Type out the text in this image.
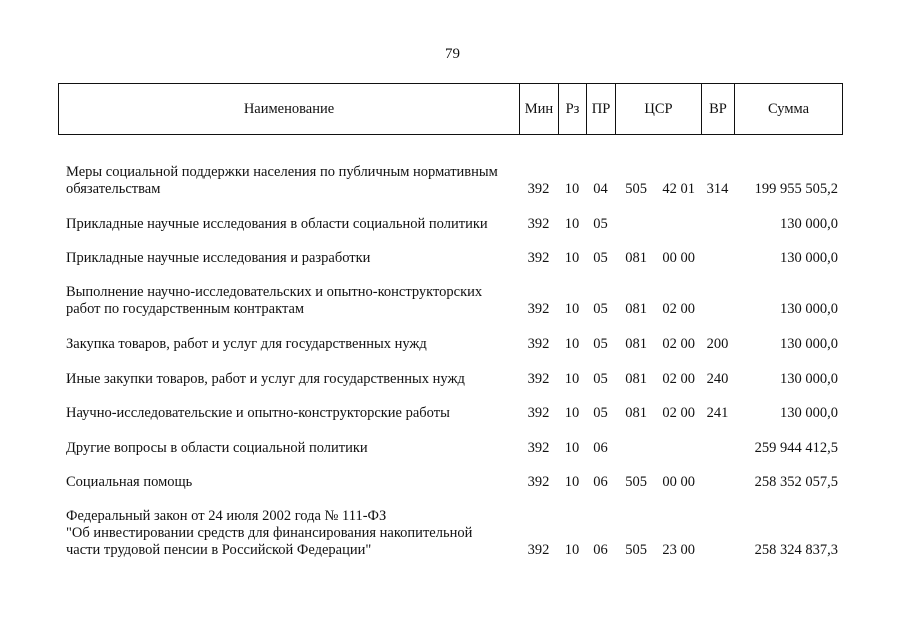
79
Наименование	Мин	Рз	ПР	ЦСР	ВР	Сумма
Меры социальной поддержки населения по публичным нормативным
обязательствам	392	10	04	505 42 01	314	199 955 505,2
Прикладные научные исследования в области социальной политики	392	10	05			130 000,0
Прикладные научные исследования и разработки	392	10	05	081 00 00		130 000,0
Выполнение научно-исследовательских и опытно-конструкторских
работ по государственным контрактам	392	10	05	081 02 00		130 000,0
Закупка товаров, работ и услуг для государственных нужд	392	10	05	081 02 00	200	130 000,0
Иные закупки товаров, работ и услуг для государственных нужд	392	10	05	081 02 00	240	130 000,0
Научно-исследовательские и опытно-конструкторские работы	392	10	05	081 02 00	241	130 000,0
Другие вопросы в области социальной политики	392	10	06			259 944 412,5
Социальная помощь	392	10	06	505 00 00		258 352 057,5
Федеральный закон от 24 июля 2002 года № 111-ФЗ
"Об инвестировании средств для финансирования накопительной
части трудовой пенсии в Российской Федерации"	392	10	06	505 23 00		258 324 837,3
